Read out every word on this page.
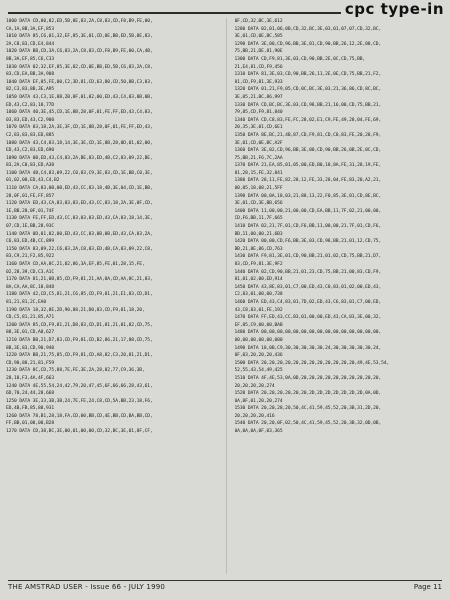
cpc type-in
1000 DATA CD,80,82,ED,5B,8E,83,2A,C8,83,CD,F8,B9,FE,00,
CA,1A,8B,3A,EF,853
1010 DATA 85,C6,01,32,EF,85,3E,01,CD,0E,BB,ED,5B,8E,83,
2A,C8,83,CD,E4,844
1020 DATA BB,CD,3A,C6,83,2A,C8,83,CD,F8,B9,FE,00,CA,4B,
8B,3A,EF,85,C6,C33
1030 DATA 02,32,EF,85,3E,02,CD,0E,BB,ED,5B,C6,83,2A,C8,
83,CD,EA,BB,3A,908
1040 DATA EF,85,FE,00,C2,3D,81,CD,63,80,CD,50,8B,C3,83,
82,C3,83,8B,3E,A95
1050 DATA 43,C3,1E,8B,2B,8F,01,82,00,ED,43,C4,83,8B,0B,
ED,43,C2,83,18,77D
1060 DATA 40,3E,45,CD,1E,8B,28,0F,01,FE,FF,ED,43,C4,83,
03,83,ED,43,C2,900
1070 DATA 83,18,2A,3E,3F,CD,1E,8B,28,0F,01,FE,FF,ED,43,
C2,83,83,83,ED,885
1080 DATA 43,C4,83,18,14,3E,3E,CD,1E,8B,28,0D,01,02,00,
ED,43,C2,83,ED,690
1090 DATA 0B,ED,43,C4,83,2A,BE,83,ED,4B,C2,83,09,22,BE,
83,2A,C0,83,ED,A30
1100 DATA 4B,C4,83,09,22,C0,83,C9,3E,83,CD,1E,BB,C0,3E,
01,02,00,ED,43,C4,B2
1110 DATA CA,83,0B,0B,ED,43,CC,83,18,4B,3E,04,CD,1E,BB,
28,0F,01,FE,FF,857
1120 DATA ED,43,CA,83,03,83,ED,43,CC,83,18,2A,3E,0F,CD,
1E,BB,28,0F,01,74F
1130 DATA FE,FF,ED,43,CC,83,03,83,ED,43,CA,83,18,14,3E,
07,CD,1E,BB,28,93C
1140 DATA 0D,01,02,00,ED,43,CC,83,0B,0B,ED,43,CA,83,2A,
C6,83,ED,4B,CC,899
1150 DATA 83,09,22,C6,83,2A,C8,83,ED,4B,CA,83,09,22,C8,
83,C9,21,F2,85,922
1160 DATA CD,AA,8C,21,02,86,3A,EF,85,FE,01,28,15,FE,
02,28,39,CD,C3,A1C
1170 DATA 81,21,0B,85,CD,F9,81,21,AA,8A,CD,AA,8C,21,83,
8A,CA,AA,8C,18,848
1180 DATA 42,CD,C5,81,21,C6,85,CD,F9,81,21,E1,83,CD,D1,
81,21,81,2C,EA0
1190 DATA 18,32,8E,2D,90,88,21,D0,83,CD,F9,81,18,20,
CD,C5,81,21,85,A71
1200 DATA 85,CD,F9,81,21,D8,83,CD,D1,81,21,01,82,CD,75,
88,3E,01,CD,A0,627
1210 DATA BB,21,D7,83,CD,F9,81,CD,B2,86,21,17,88,CD,75,
8B,3E,83,CD,90,940
1220 DATA BB,21,75,85,CD,F9,81,CD,A8,82,C3,20,81,21,D1,
CD,90,88,21,81,F59
1230 DATA 8C,CD,75,88,7E,FE,3E,2A,28,82,77,C9,36,3B,
28,18,F3,4A,4F,663
1240 DATA 4E,55,54,24,42,79,20,47,45,6F,66,66,28,43,61,
6D,70,24,44,28,668
1250 DATA 3E,33,3B,3B,24,7E,FE,24,C8,CD,5A,BB,23,18,F6,
ED,4B,FB,85,88,931
1260 DATA 78,B1,28,18,FA,CD,00,BB,CD,4E,BB,CD,BA,BB,CD,
FF,BB,01,00,00,B28
1270 DATA CD,38,BC,3E,00,01,00,00,CD,32,BC,3E,01,8F,CF,
0F,CD,32,BC,3E,612
1280 DATA 02,01,06,0B,CD,32,BC,3E,03,01,07,07,CD,32,BC,
3E,01,CD,0E,BC,585
1290 DATA 3E,00,CD,96,BB,3E,01,CD,90,BB,26,12,2E,08,CD,
75,BB,21,DE,81,90E
1300 DATA CD,F9,81,3E,03,CD,90,BB,2E,0C,CD,75,BB,
21,E4,81,CD,F9,456
1310 DATA 81,3E,03,CD,90,BB,26,11,2E,0E,CD,75,BB,21,F2,
81,CD,F9,81,3E,933
1320 DATA 01,21,F9,05,CD,0C,BC,3E,03,21,36,86,CD,8C,BC,
3E,05,21,BC,86,997
1330 DATA CD,BC,BC,3E,03,CD,98,BB,21,16,08,CD,75,BB,21,
79,85,CD,F9,81,840
1340 DATA CD,C8,83,FE,FC,28,02,E1,C9,FE,49,28,04,FE,69,
20,35,3E,01,CD,6E1
1350 DATA 8E,BC,21,4B,87,CD,F9,81,CD,C8,83,FE,20,28,F9,
3E,01,CD,0E,BC,A2F
1360 DATA 3E,02,CD,96,BB,3E,00,CD,90,BB,26,0B,2E,0C,CD,
75,BB,21,F6,7C,2AA
1370 DATA 21,EA,85,01,05,00,ED,B0,18,8A,FE,31,28,19,FE,
81,28,15,FE,32,841
1380 DATA 28,11,FE,82,28,12,FE,33,28,04,FE,83,20,A2,21,
00,05,18,08,21,5FF
1390 DATA 00,0A,18,03,21,88,13,22,F0,85,3E,01,CD,8E,BC,
3E,01,CD,3E,BB,656
1400 DATA 11,00,00,21,00,00,CD,EA,BB,11,7F,02,21,00,00,
CD,F6,BB,11,7F,665
1410 DATA 02,21,7F,01,CD,F6,BB,11,00,00,21,7F,01,CD,F6,
BB,11,00,00,21,6B3
1420 DATA 00,00,CD,F6,BB,3E,03,CD,98,BB,21,01,12,CD,75,
BB,21,8E,86,CD,763
1430 DATA F9,81,3E,01,CD,90,BB,21,01,02,CD,75,BB,21,D7,
83,CD,F9,81,3E,9F2
1440 DATA 02,CD,90,BB,21,01,23,CD,75,BB,21,00,83,CD,F9,
81,01,02,00,ED,914
1450 DATA 43,8E,83,01,C7,00,ED,43,C0,83,01,02,00,ED,43,
C2,83,01,00,00,738
1460 DATA ED,43,C4,83,01,7D,02,ED,43,C6,83,01,C7,00,ED,
43,C8,83,01,FE,192
1470 DATA FF,ED,43,CC,83,01,00,00,ED,43,CA,83,3E,00,32,
EF,85,C9,00,00,BAB
1480 DATA 00,00,00,00,00,00,00,00,00,00,00,00,00,00,00,
00,00,00,00,00,000
1490 DATA 18,0B,C9,30,30,30,30,30,24,30,30,30,30,30,24,
0F,03,20,20,20,436
1500 DATA 20,20,20,20,20,20,20,20,20,20,20,20,49,4E,53,54,
52,55,43,54,49,425
1510 DATA 4F,4E,53,0A,0D,20,20,20,20,20,20,20,20,20,20,
20,20,20,20,274
1520 DATA 20,20,20,20,20,20,2D,2D,2D,2D,2D,2D,2D,0A,0D,
0A,0F,01,20,20,274
1530 DATA 20,20,28,20,50,4C,41,59,45,52,20,3B,31,2D,20,
20,20,20,20,416
1540 DATA 20,20,0F,02,50,4C,41,59,45,52,20,3B,32,0D,0B,
0A,0A,0A,0F,03,365
THE AMSTRAD USER - Issue 66 - JULY 1990	Page 11
